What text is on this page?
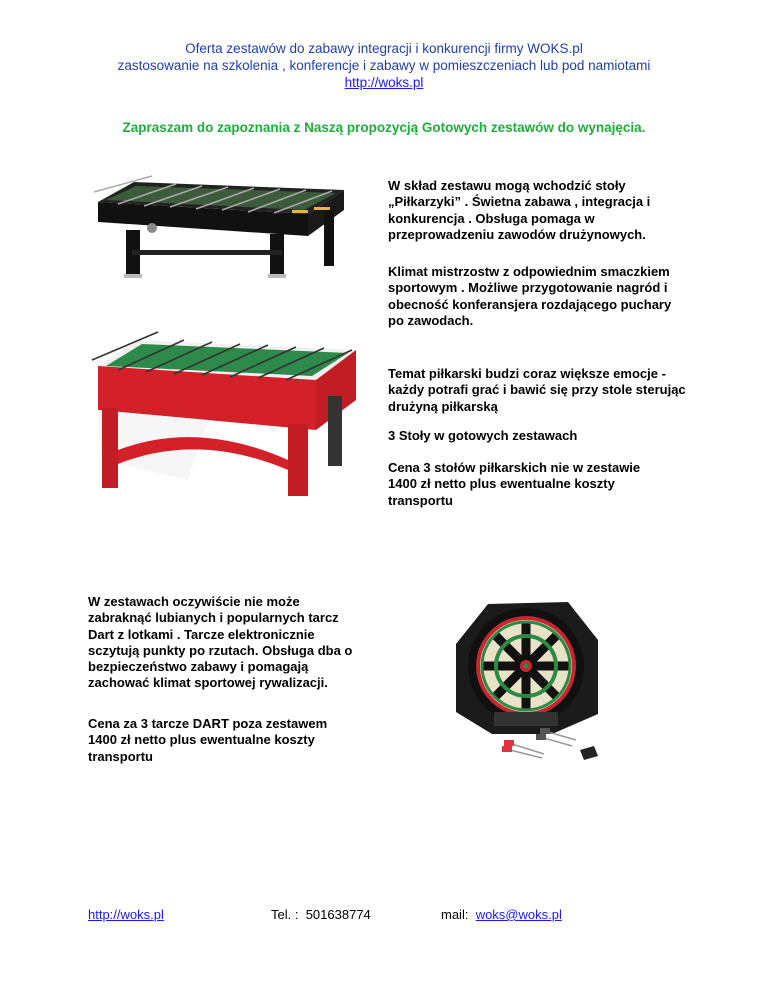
Oferta zestawów do zabawy integracji i konkurencji firmy WOKS.pl
zastosowanie na szkolenia , konferencje i zabawy w pomieszczeniach lub pod namiotami
http://woks.pl
Zapraszam do zapoznania z Naszą propozycją Gotowych zestawów do wynajęcia.
W skład zestawu mogą wchodzić stoły „Piłkarzyki” . Świetna zabawa , integracja i konkurencja . Obsługa pomaga w przeprowadzeniu zawodów drużynowych.
Klimat mistrzostw z odpowiednim smaczkiem sportowym . Możliwe przygotowanie nagród i obecność konferansjera rozdającego puchary po zawodach.
Temat piłkarski budzi coraz większe emocje - każdy potrafi grać i bawić się przy stole sterując drużyną piłkarską
3 Stoły w gotowych zestawach
Cena 3 stołów piłkarskich nie w zestawie 1400 zł netto plus ewentualne koszty transportu
W zestawach oczywiście nie może zabraknąć lubianych i popularnych tarcz Dart z lotkami . Tarcze elektronicznie sczytują punkty po rzutach. Obsługa dba o bezpieczeństwo zabawy i pomagają zachować klimat sportowej rywalizacji.
Cena za 3 tarcze DART poza zestawem 1400 zł netto plus ewentualne koszty transportu
http://woks.pl	Tel. : 501638774	mail: woks@woks.pl
